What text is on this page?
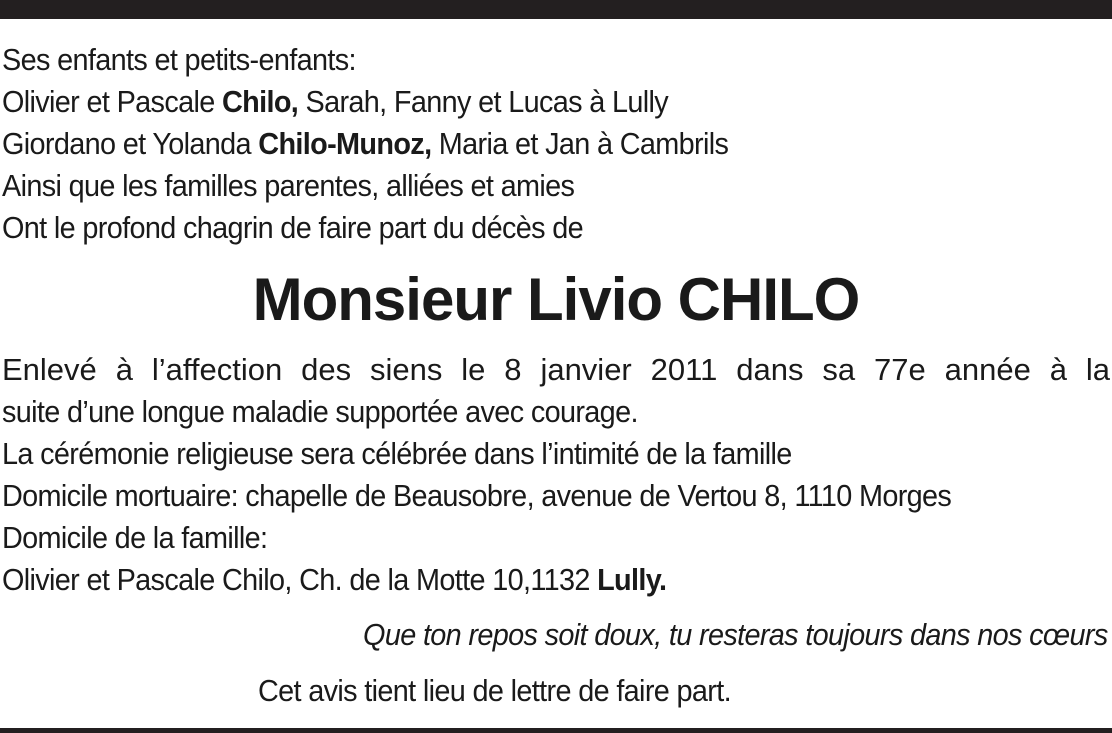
Ses enfants et petits-enfants:
Olivier et Pascale Chilo, Sarah, Fanny et Lucas à Lully
Giordano et Yolanda Chilo-Munoz, Maria et Jan à Cambrils
Ainsi que les familles parentes, alliées et amies
Ont le profond chagrin de faire part du décès de
Monsieur Livio CHILO
Enlevé à l’affection des siens le 8 janvier 2011 dans sa 77e année à la
suite d’une longue maladie supportée avec courage.
La cérémonie religieuse sera célébrée dans l’intimité de la famille
Domicile mortuaire: chapelle de Beausobre, avenue de Vertou 8, 1110 Morges
Domicile de la famille:
Olivier et Pascale Chilo, Ch. de la Motte 10,1132 Lully.
Que ton repos soit doux, tu resteras toujours dans nos cœurs
Cet avis tient lieu de lettre de faire part.
